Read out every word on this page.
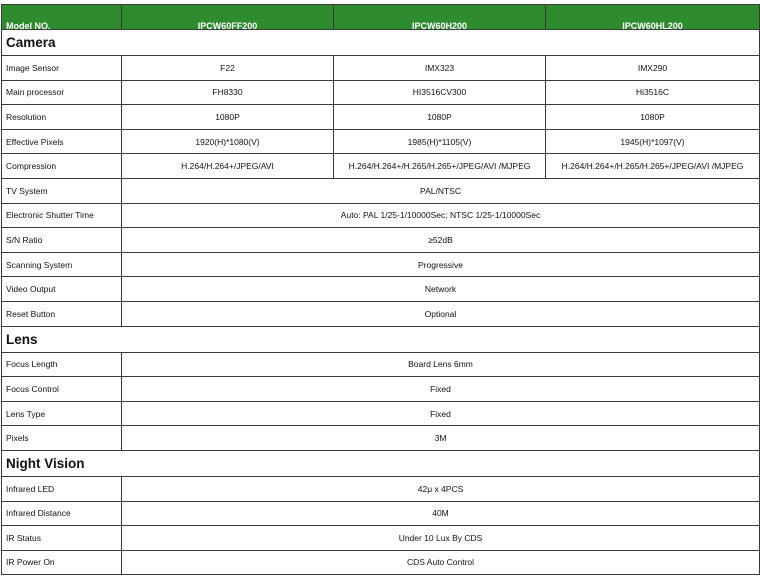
Model NO.	IPCW60FF200	IPCW60H200	IPCW60HL200
Camera			
Image Sensor	F22	IMX323	IMX290
Main processor	FH8330	HI3516CV300	Hi3516C
Resolution	1080P	1080P	1080P
Effective Pixels	1920(H)*1080(V)	1985(H)*1105(V)	1945(H)*1097(V)
Compression	H.264/H.264+/JPEG/AVI	H.264/H.264+/H.265/H.265+/JPEG/AVI /MJPEG	H.264/H.264+/H.265/H.265+/JPEG/AVI /MJPEG
TV System	PAL/NTSC		
Electronic Shutter Time	Auto: PAL 1/25-1/10000Sec; NTSC 1/25-1/10000Sec		
S/N Ratio	≥52dB		
Scanning System	Progressive		
Video Output	Network		
Reset Button	Optional		
Lens			
Focus Length	Board Lens 6mm		
Focus Control	Fixed		
Lens Type	Fixed		
Pixels	3M		
Night Vision			
Infrared LED	42μ x 4PCS		
Infrared Distance	40M		
IR Status	Under 10 Lux By CDS		
IR Power On	CDS Auto Control		
